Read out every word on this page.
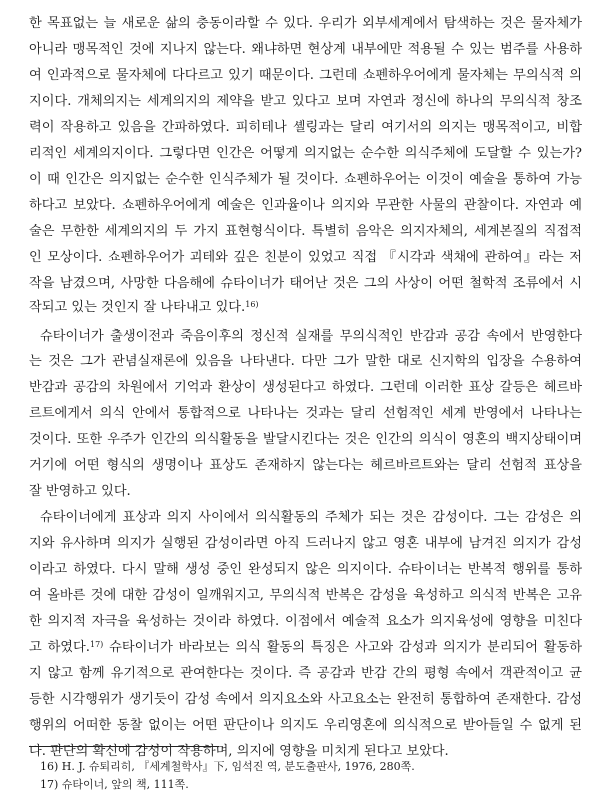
한 목표없는 늘 새로운 삶의 충동이라할 수 있다. 우리가 외부세계에서 탐색하는 것은 물자체가
아니라 맹목적인 것에 지나지 않는다. 왜냐하면 현상계 내부에만 적용될 수 있는 범주를 사용하
여 인과적으로 물자체에 다다르고 있기 때문이다. 그런데 쇼펜하우어에게 물자체는 무의식적 의
지이다. 개체의지는 세계의지의 제약을 받고 있다고 보며 자연과 정신에 하나의 무의식적 창조
력이 작용하고 있음을 간파하였다. 피히테나 셸링과는 달리 여기서의 의지는 맹목적이고, 비합
리적인 세계의지이다. 그렇다면 인간은 어떻게 의지없는 순수한 의식주체에 도달할 수 있는가?
이 때 인간은 의지없는 순수한 인식주체가 될 것이다. 쇼펜하우어는 이것이 예술을 통하여 가능
하다고 보았다. 쇼펜하우어에게 예술은 인과율이나 의지와 무관한 사물의 관찰이다. 자연과 예
술은 무한한 세계의지의 두 가지 표현형식이다. 특별히 음악은 의지자체의, 세계본질의 직접적
인 모상이다. 쇼펜하우어가 괴테와 깊은 친분이 있었고 직접 『시각과 색채에 관하여』라는 저
작을 남겼으며, 사망한 다음해에 슈타이너가 태어난 것은 그의 사상이 어떤 철학적 조류에서 시
작되고 있는 것인지 잘 나타내고 있다.$^{16)}$
슈타이너가 출생이전과 죽음이후의 정신적 실재를 무의식적인 반감과 공감 속에서 반영한다
는 것은 그가 관념실재론에 있음을 나타낸다. 다만 그가 말한 대로 신지학의 입장을 수용하여
반감과 공감의 차원에서 기억과 환상이 생성된다고 하였다. 그런데 이러한 표상 갈등은 헤르바
르트에게서 의식 안에서 통합적으로 나타나는 것과는 달리 선험적인 세계 반영에서 나타나는
것이다. 또한 우주가 인간의 의식활동을 발달시킨다는 것은 인간의 의식이 영혼의 백지상태이며
거기에 어떤 형식의 생명이나 표상도 존재하지 않는다는 헤르바르트와는 달리 선험적 표상을
잘 반영하고 있다.
슈타이너에게 표상과 의지 사이에서 의식활동의 주체가 되는 것은 감성이다. 그는 감성은 의
지와 유사하며 의지가 실행된 감성이라면 아직 드러나지 않고 영혼 내부에 남겨진 의지가 감성
이라고 하였다. 다시 말해 생성 중인 완성되지 않은 의지이다. 슈타이너는 반복적 행위를 통하
여 올바른 것에 대한 감성이 일깨워지고, 무의식적 반복은 감성을 육성하고 의식적 반복은 고유
한 의지적 자극을 육성하는 것이라 하였다. 이점에서 예술적 요소가 의지육성에 영향을 미친다
고 하였다.$^{17)}$ 슈타이너가 바라보는 의식 활동의 특징은 사고와 감성과 의지가 분리되어 활동하
지 않고 함께 유기적으로 관여한다는 것이다. 즉 공감과 반감 간의 평형 속에서 객관적이고 균
등한 시각행위가 생기듯이 감성 속에서 의지요소와 사고요소는 완전히 통합하여 존재한다. 감성
행위의 어떠한 동찰 없이는 어떤 판단이나 의지도 우리영혼에 의식적으로 받아들일 수 없게 된
다. 판단의 확신에 감성이 작용하며, 의지에 영향을 미치게 된다고 보았다.
16) H. J. 슈퇴리히, 『세계철학사』下, 임석진 역, 분도출판사, 1976, 280쪽.
17) 슈타이너, 앞의 책, 111쪽.
